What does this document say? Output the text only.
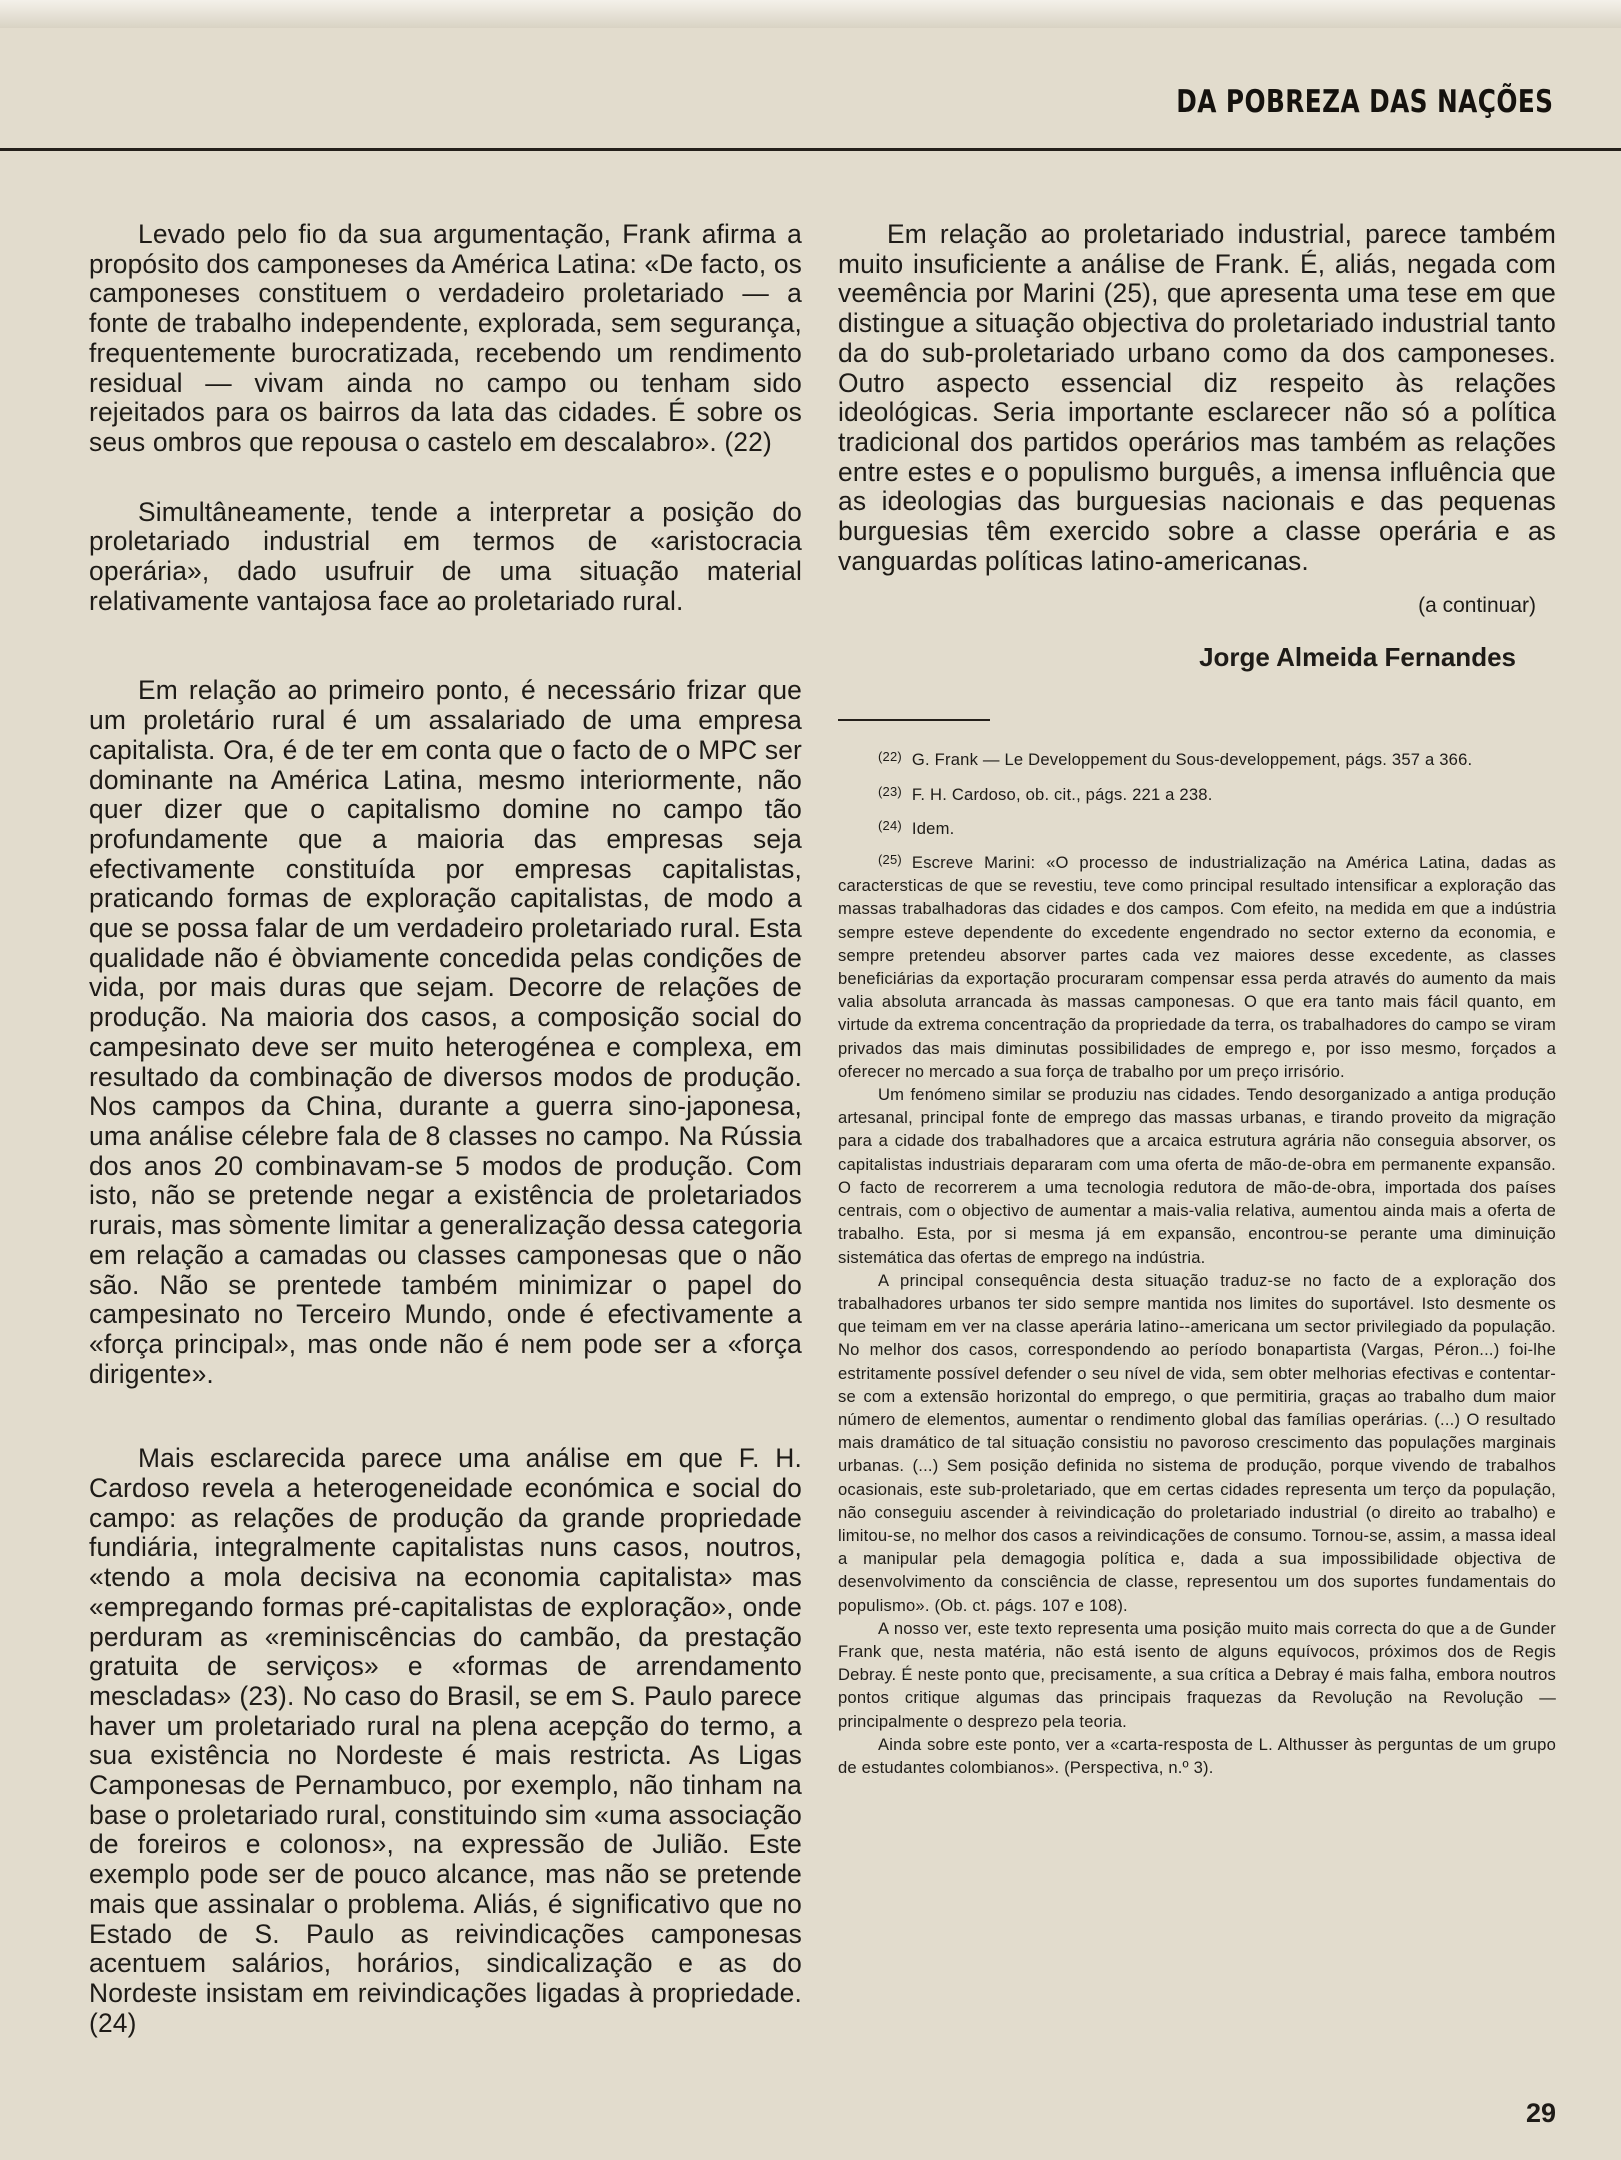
DA POBREZA DAS NAÇÕES

Levado pelo fio da sua argumentação, Frank afirma a propósito dos camponeses da América Latina: «De facto, os camponeses constituem o verdadeiro proletariado — a fonte de trabalho independente, explorada, sem segurança, frequentemente burocratizada, recebendo um rendimento residual — vivam ainda no campo ou tenham sido rejeitados para os bairros da lata das cidades. É sobre os seus ombros que repousa o castelo em descalabro». (22)

Simultâneamente, tende a interpretar a posição do proletariado industrial em termos de «aristocracia operária», dado usufruir de uma situação material relativamente vantajosa face ao proletariado rural.

Em relação ao primeiro ponto, é necessário frizar que um proletário rural é um assalariado de uma empresa capitalista. Ora, é de ter em conta que o facto de o MPC ser dominante na América Latina, mesmo interiormente, não quer dizer que o capitalismo domine no campo tão profundamente que a maioria das empresas seja efectivamente constituída por empresas capitalistas, praticando formas de exploração capitalistas, de modo a que se possa falar de um verdadeiro proletariado rural. Esta qualidade não é òbviamente concedida pelas condições de vida, por mais duras que sejam. Decorre de relações de produção. Na maioria dos casos, a composição social do campesinato deve ser muito heterogénea e complexa, em resultado da combinação de diversos modos de produção. Nos campos da China, durante a guerra sino-japonesa, uma análise célebre fala de 8 classes no campo. Na Rússia dos anos 20 combinavam-se 5 modos de produção. Com isto, não se pretende negar a existência de proletariados rurais, mas sòmente limitar a generalização dessa categoria em relação a camadas ou classes camponesas que o não são. Não se prentede também minimizar o papel do campesinato no Terceiro Mundo, onde é efectivamente a «força principal», mas onde não é nem pode ser a «força dirigente».

Mais esclarecida parece uma análise em que F. H. Cardoso revela a heterogeneidade económica e social do campo: as relações de produção da grande propriedade fundiária, integralmente capitalistas nuns casos, noutros, «tendo a mola decisiva na economia capitalista» mas «empregando formas pré-capitalistas de exploração», onde perduram as «reminiscências do cambão, da prestação gratuita de serviços» e «formas de arrendamento mescladas» (23). No caso do Brasil, se em S. Paulo parece haver um proletariado rural na plena acepção do termo, a sua existência no Nordeste é mais restricta. As Ligas Camponesas de Pernambuco, por exemplo, não tinham na base o proletariado rural, constituindo sim «uma associação de foreiros e colonos», na expressão de Julião. Este exemplo pode ser de pouco alcance, mas não se pretende mais que assinalar o problema. Aliás, é significativo que no Estado de S. Paulo as reivindicações camponesas acentuem salários, horários, sindicalização e as do Nordeste insistam em reivindicações ligadas à propriedade. (24)

Em relação ao proletariado industrial, parece também muito insuficiente a análise de Frank. É, aliás, negada com veemência por Marini (25), que apresenta uma tese em que distingue a situação objectiva do proletariado industrial tanto da do sub-proletariado urbano como da dos camponeses. Outro aspecto essencial diz respeito às relações ideológicas. Seria importante esclarecer não só a política tradicional dos partidos operários mas também as relações entre estes e o populismo burguês, a imensa influência que as ideologias das burguesias nacionais e das pequenas burguesias têm exercido sobre a classe operária e as vanguardas políticas latino-americanas.

(a continuar)
Jorge Almeida Fernandes

$^{(22)}$ G. Frank — Le Developpement du Sous-developpement, págs. 357 a 366.

$^{(23)}$ F. H. Cardoso, ob. cit., págs. 221 a 238.

$^{(24)}$ Idem.

$^{(25)}$ Escreve Marini: «O processo de industrialização na América Latina, dadas as caractersticas de que se revestiu, teve como principal resultado intensificar a exploração das massas trabalhadoras das cidades e dos campos. Com efeito, na medida em que a indústria sempre esteve dependente do excedente engendrado no sector externo da economia, e sempre pretendeu absorver partes cada vez maiores desse excedente, as classes beneficiárias da exportação procuraram compensar essa perda através do aumento da mais valia absoluta arrancada às massas camponesas. O que era tanto mais fácil quanto, em virtude da extrema concentração da propriedade da terra, os trabalhadores do campo se viram privados das mais diminutas possibilidades de emprego e, por isso mesmo, forçados a oferecer no mercado a sua força de trabalho por um preço irrisório.

Um fenómeno similar se produziu nas cidades. Tendo desorganizado a antiga produção artesanal, principal fonte de emprego das massas urbanas, e tirando proveito da migração para a cidade dos trabalhadores que a arcaica estrutura agrária não conseguia absorver, os capitalistas industriais depararam com uma oferta de mão-de-obra em permanente expansão. O facto de recorrerem a uma tecnologia redutora de mão-de-obra, importada dos países centrais, com o objectivo de aumentar a mais-valia relativa, aumentou ainda mais a oferta de trabalho. Esta, por si mesma já em expansão, encontrou-se perante uma diminuição sistemática das ofertas de emprego na indústria.

A principal consequência desta situação traduz-se no facto de a exploração dos trabalhadores urbanos ter sido sempre mantida nos limites do suportável. Isto desmente os que teimam em ver na classe aperária latino--americana um sector privilegiado da população. No melhor dos casos, correspondendo ao período bonapartista (Vargas, Péron...) foi-lhe estritamente possível defender o seu nível de vida, sem obter melhorias efectivas e contentar-se com a extensão horizontal do emprego, o que permitiria, graças ao trabalho dum maior número de elementos, aumentar o rendimento global das famílias operárias. (...) O resultado mais dramático de tal situação consistiu no pavoroso crescimento das populações marginais urbanas. (...) Sem posição definida no sistema de produção, porque vivendo de trabalhos ocasionais, este sub-proletariado, que em certas cidades representa um terço da população, não conseguiu ascender à reivindicação do proletariado industrial (o direito ao trabalho) e limitou-se, no melhor dos casos a reivindicações de consumo. Tornou-se, assim, a massa ideal a manipular pela demagogia política e, dada a sua impossibilidade objectiva de desenvolvimento da consciência de classe, representou um dos suportes fundamentais do populismo». (Ob. ct. págs. 107 e 108).

A nosso ver, este texto representa uma posição muito mais correcta do que a de Gunder Frank que, nesta matéria, não está isento de alguns equívocos, próximos dos de Regis Debray. É neste ponto que, precisamente, a sua crítica a Debray é mais falha, embora noutros pontos critique algumas das principais fraquezas da Revolução na Revolução — principalmente o desprezo pela teoria.

Ainda sobre este ponto, ver a «carta-resposta de L. Althusser às perguntas de um grupo de estudantes colombianos». (Perspectiva, n.º 3).

29
